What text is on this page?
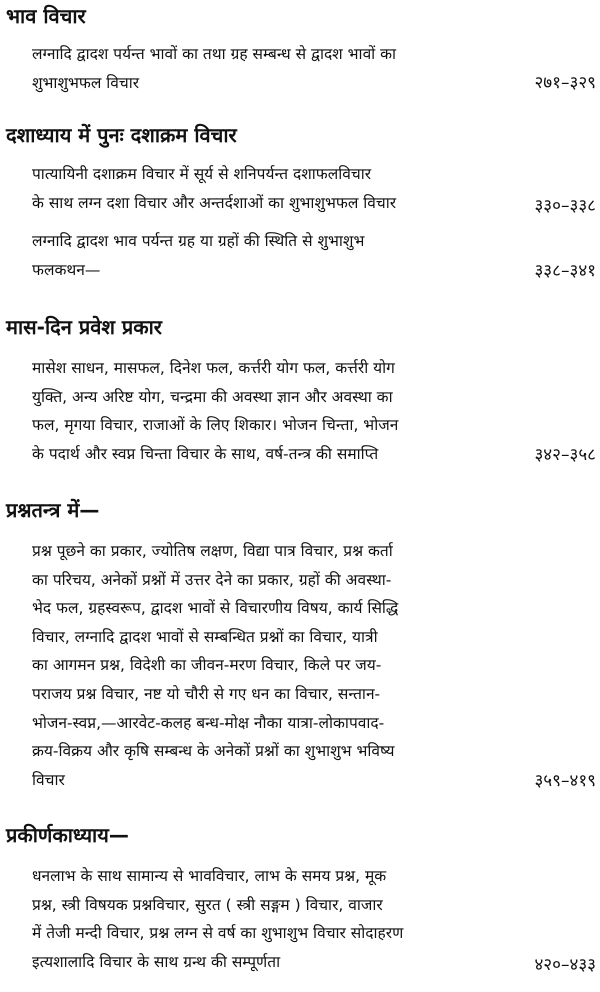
भाव विचार
लग्नादि द्वादश पर्यन्त भावों का तथा ग्रह सम्बन्ध से द्वादश भावों का
शुभाशुभफल विचार	२७१–३२९
दशाध्याय में पुनः दशाक्रम विचार
पात्यायिनी दशाक्रम विचार में सूर्य से शनिपर्यन्त दशाफलविचार
के साथ लग्न दशा विचार और अन्तर्दशाओं का शुभाशुभफल विचार	३३०–३३८
लग्नादि द्वादश भाव पर्यन्त ग्रह या ग्रहों की स्थिति से शुभाशुभ
फलकथन—	३३८–३४१
मास-दिन प्रवेश प्रकार
मासेश साधन, मासफल, दिनेश फल, कर्त्तरी योग फल, कर्त्तरी योग
युक्ति, अन्य अरिष्ट योग, चन्द्रमा की अवस्था ज्ञान और अवस्था का
फल, मृगया विचार, राजाओं के लिए शिकार। भोजन चिन्ता, भोजन
के पदार्थ और स्वप्न चिन्ता विचार के साथ, वर्ष-तन्त्र की समाप्ति	३४२–३५८
प्रश्नतन्त्र में—
प्रश्न पूछने का प्रकार, ज्योतिष लक्षण, विद्या पात्र विचार, प्रश्न कर्ता
का परिचय, अनेकों प्रश्नों में उत्तर देने का प्रकार, ग्रहों की अवस्था-
भेद फल, ग्रहस्वरूप, द्वादश भावों से विचारणीय विषय, कार्य सिद्धि
विचार, लग्नादि द्वादश भावों से सम्बन्धित प्रश्नों का विचार, यात्री
का आगमन प्रश्न, विदेशी का जीवन-मरण विचार, किले पर जय-
पराजय प्रश्न विचार, नष्ट यो चौरी से गए धन का विचार, सन्तान-
भोजन-स्वप्न,—आरवेट-कलह बन्ध-मोक्ष नौका यात्रा-लोकापवाद-
क्रय-विक्रय और कृषि सम्बन्ध के अनेकों प्रश्नों का शुभाशुभ भविष्य
विचार	३५९–४१९
प्रकीर्णकाध्याय—
धनलाभ के साथ सामान्य से भावविचार, लाभ के समय प्रश्न, मूक
प्रश्न, स्त्री विषयक प्रश्नविचार, सुरत ( स्त्री सङ्गम ) विचार, वाजार
में तेजी मन्दी विचार, प्रश्न लग्न से वर्ष का शुभाशुभ विचार सोदाहरण
इत्यशालादि विचार के साथ ग्रन्थ की सम्पूर्णता	४२०–४३३
